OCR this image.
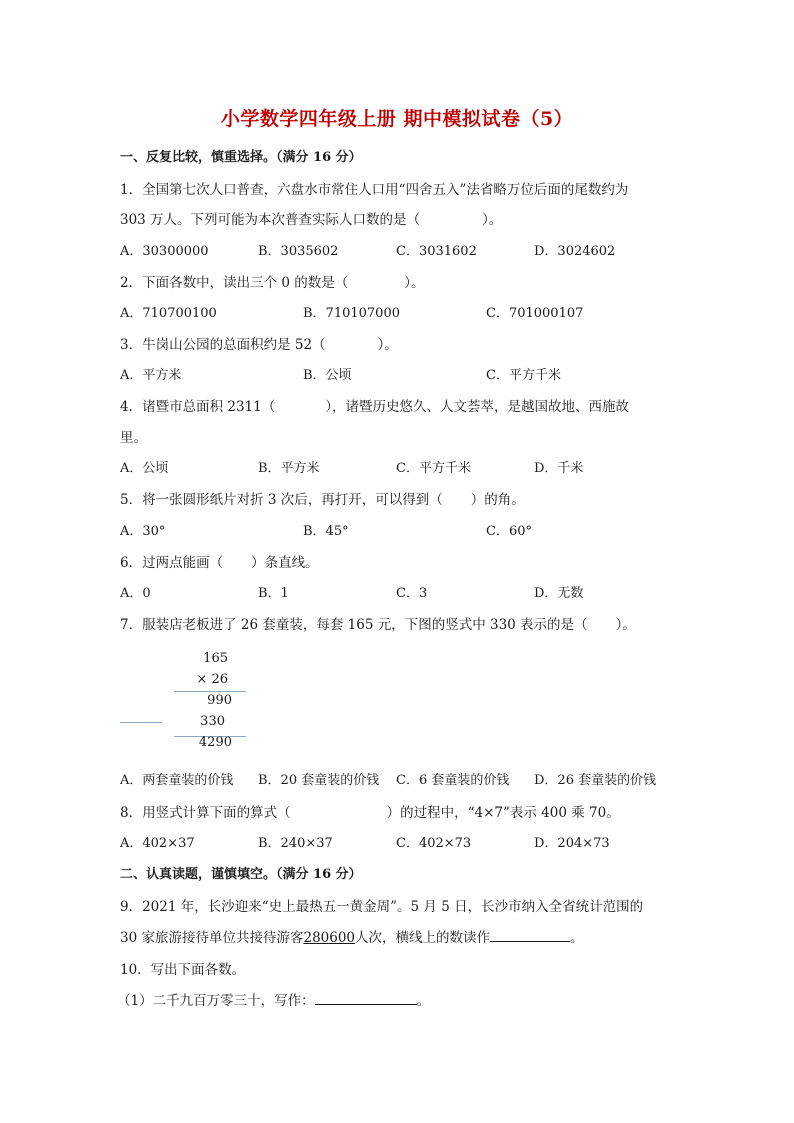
小学数学四年级上册 期中模拟试卷（5）
一、反复比较，慎重选择。（满分 16 分）
1．全国第七次人口普查，六盘水市常住人口用“四舍五入”法省略万位后面的尾数约为
303 万人。下列可能为本次普查实际人口数的是（	）。
A．30300000	B．3035602	C．3031602	D．3024602
2．下面各数中，读出三个 0 的数是（	）。
A．710700100	B．710107000	C．701000107
3．牛岗山公园的总面积约是 52（	）。
A．平方米	B．公顷	C．平方千米
4．诸暨市总面积 2311（	），诸暨历史悠久、人文荟萃，是越国故地、西施故
里。
A．公顷	B．平方米	C．平方千米	D．千米
5．将一张圆形纸片对折 3 次后，再打开，可以得到（ ）的角。
A．30°	B．45°	C．60°
6．过两点能画（ ）条直线。
A．0	B．1	C．3	D．无数
7．服装店老板进了 26 套童装，每套 165 元，下图的竖式中 330 表示的是（ ）。
165
× 26
990
330
4290
A．两套童装的价钱 B．20 套童装的价钱 C．6 套童装的价钱 D．26 套童装的价钱
8．用竖式计算下面的算式（	）的过程中，“4×7”表示 400 乘 70。
A．402×37	B．240×37	C．402×73	D．204×73
二、认真读题，谨慎填空。（满分 16 分）
9．2021 年，长沙迎来“史上最热五一黄金周”。5 月 5 日，长沙市纳入全省统计范围的
30 家旅游接待单位共接待游客280600人次，横线上的数读作	。
10．写出下面各数。
（1）二千九百万零三十，写作：	。
